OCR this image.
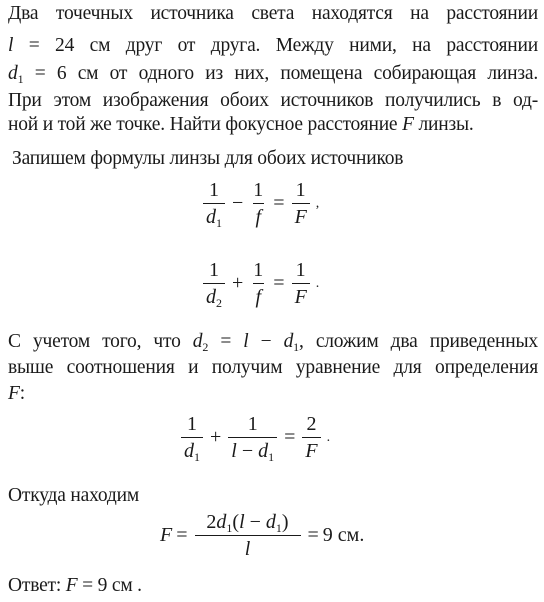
Два точечных источника света находятся на расстоянии
l = 24 см друг от друга. Между ними, на расстоянии
$d_1 = 6$ см от одного из них, помещена собирающая линза.
При этом изображения обоих источников получились в од-
ной и той же точке. Найти фокусное расстояние F линзы.
Запишем формулы линзы для обоих источников
$\frac{1}{d_1} - \frac{1}{f} = \frac{1}{F}$ ,
$\frac{1}{d_2} + \frac{1}{f} = \frac{1}{F}$ .
С учетом того, что $d_2 = l - d_1$, сложим два приведенных
выше соотношения и получим уравнение для определения
F:
$\frac{1}{d_1} + \frac{1}{l - d_1} = \frac{2}{F}$ .
Откуда находим
$F = \frac{2d_1(l - d_1)}{l} = 9$ см.
Ответ: F = 9 см .
